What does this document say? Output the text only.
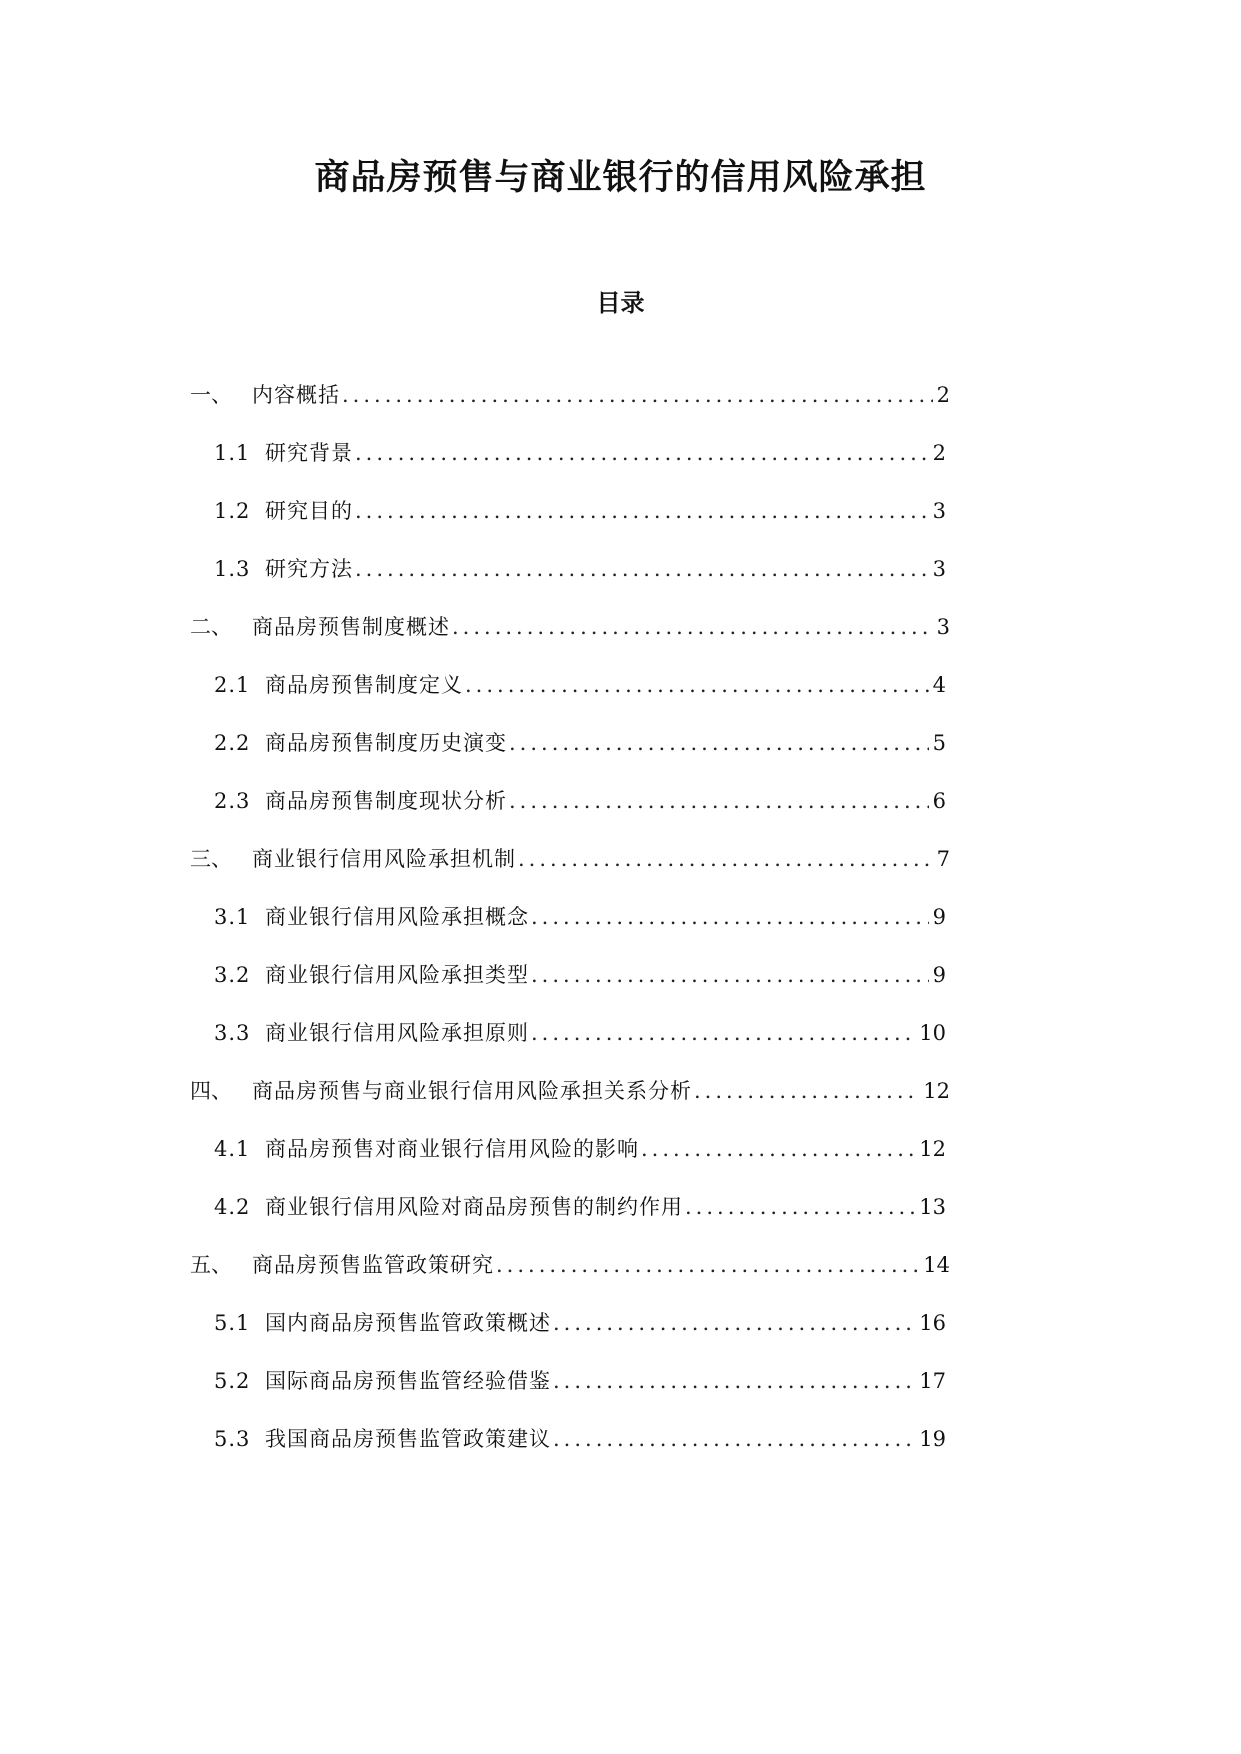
商品房预售与商业银行的信用风险承担
目录
一、 内容概括 .....	2
1.1 研究背景 .....	2
1.2 研究目的 .....	3
1.3 研究方法 .....	3
二、 商品房预售制度概述 .....	3
2.1 商品房预售制度定义 .....	4
2.2 商品房预售制度历史演变 .....	5
2.3 商品房预售制度现状分析 .....	6
三、 商业银行信用风险承担机制 .....	7
3.1 商业银行信用风险承担概念 .....	9
3.2 商业银行信用风险承担类型 .....	9
3.3 商业银行信用风险承担原则 .....	10
四、 商品房预售与商业银行信用风险承担关系分析 .....	12
4.1 商品房预售对商业银行信用风险的影响 .....	12
4.2 商业银行信用风险对商品房预售的制约作用 .....	13
五、 商品房预售监管政策研究 .....	14
5.1 国内商品房预售监管政策概述 .....	16
5.2 国际商品房预售监管经验借鉴 .....	17
5.3 我国商品房预售监管政策建议 .....	19
